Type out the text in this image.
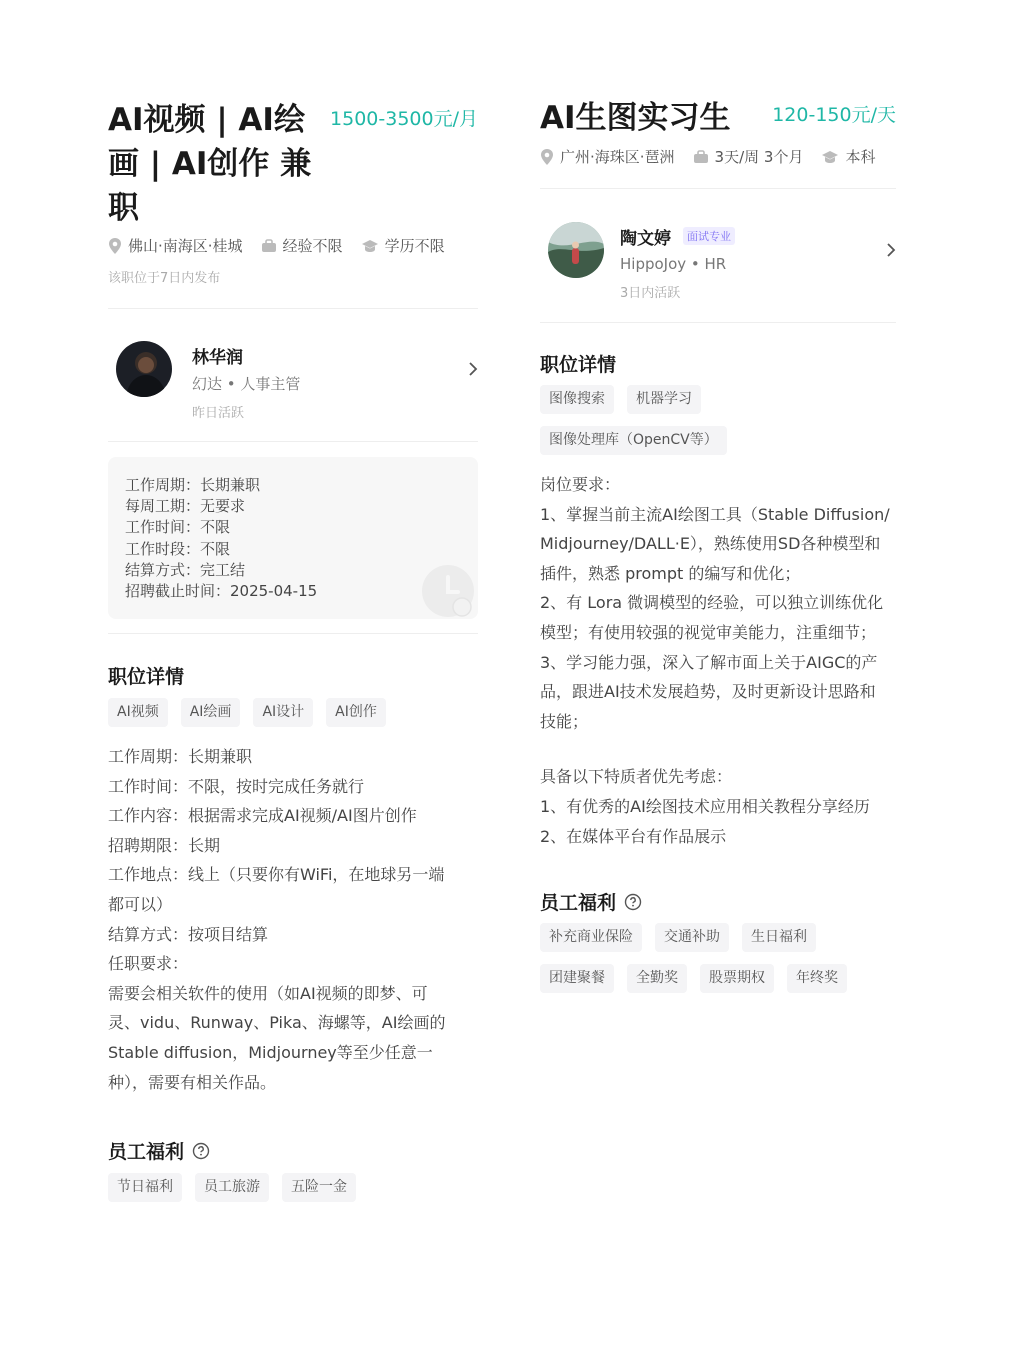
AI视频 | AI绘
画 | AI创作 兼
职
1500-3500元/月
佛山·南海区·桂城	经验不限	学历不限
该职位于7日内发布
林华润
幻达 • 人事主管
昨日活跃
工作周期：长期兼职
每周工期：无要求
工作时间：不限
工作时段：不限
结算方式：完工结
招聘截止时间：2025-04-15
职位详情
AI视频	AI绘画	AI设计	AI创作
工作周期：长期兼职
工作时间：不限，按时完成任务就行
工作内容：根据需求完成AI视频/AI图片创作
招聘期限：长期
工作地点：线上（只要你有WiFi，在地球另一端
都可以）
结算方式：按项目结算
任职要求：
需要会相关软件的使用（如AI视频的即梦、可
灵、vidu、Runway、Pika、海螺等，AI绘画的
Stable diffusion，Midjourney等至少任意一
种），需要有相关作品。
员工福利
节日福利	员工旅游	五险一金
AI生图实习生 120-150元/天
广州·海珠区·琶洲	3天/周 3个月	本科
陶文婷	面试专业
HippoJoy • HR
3日内活跃
职位详情
图像搜索	机器学习
图像处理库（OpenCV等）
岗位要求：
1、掌握当前主流AI绘图工具（Stable Diffusion/
Midjourney/DALL·E），熟练使用SD各种模型和
插件，熟悉 prompt 的编写和优化；
2、有 Lora 微调模型的经验，可以独立训练优化
模型；有使用较强的视觉审美能力，注重细节；
3、学习能力强，深入了解市面上关于AIGC的产
品，跟进AI技术发展趋势，及时更新设计思路和
技能；
具备以下特质者优先考虑：
1、有优秀的AI绘图技术应用相关教程分享经历
2、在媒体平台有作品展示
员工福利
补充商业保险	交通补助	生日福利
团建聚餐	全勤奖	股票期权	年终奖
